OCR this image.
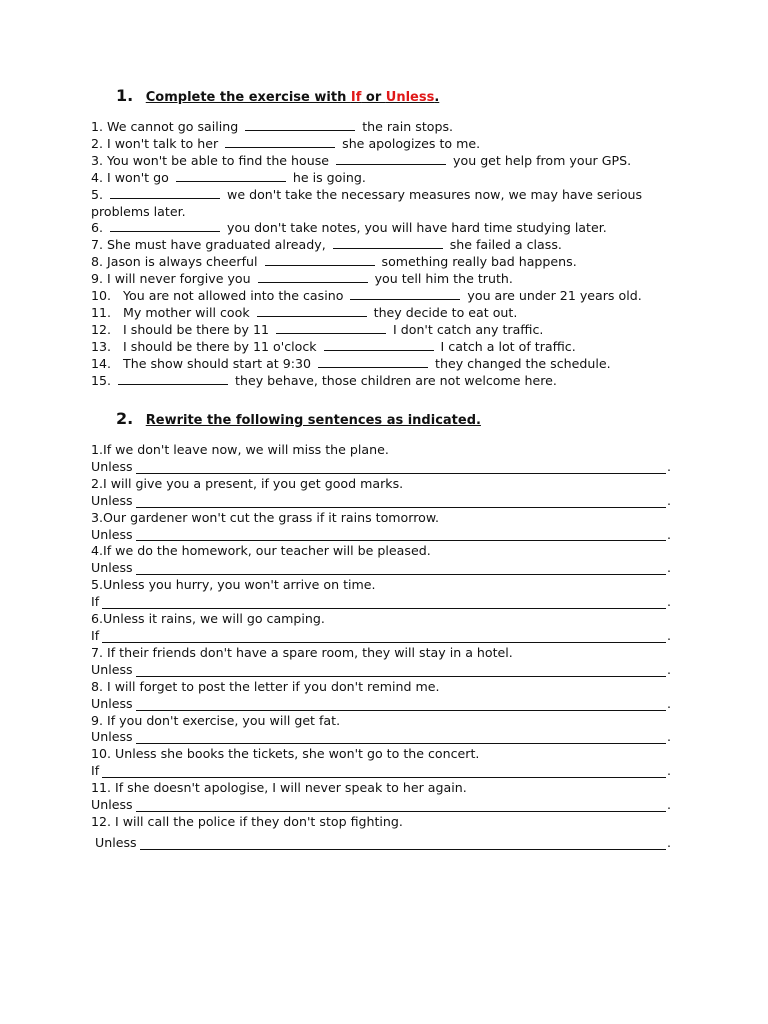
1. Complete the exercise with If or Unless.
1. We cannot go sailing	the rain stops.
2. I won't talk to her	she apologizes to me.
3. You won't be able to find the house	you get help from your GPS.
4. I won't go	he is going.
5.	we don't take the necessary measures now, we may have serious problems later.
6.	you don't take notes, you will have hard time studying later.
7. She must have graduated already,	she failed a class.
8. Jason is always cheerful	something really bad happens.
9. I will never forgive you	you tell him the truth.
10.   You are not allowed into the casino	you are under 21 years old.
11.   My mother will cook	they decide to eat out.
12.   I should be there by 11	I don't catch any traffic.
13.   I should be there by 11 o'clock	I catch a lot of traffic.
14.   The show should start at 9:30	they changed the schedule.
15.	they behave, those children are not welcome here.
2. Rewrite the following sentences as indicated.
1.If we don't leave now, we will miss the plane.
Unless	.
2.I will give you a present, if you get good marks.
Unless	.
3.Our gardener won't cut the grass if it rains tomorrow.
Unless	.
4.If we do the homework, our teacher will be pleased.
Unless	.
5.Unless you hurry, you won't arrive on time.
If	.
6.Unless it rains, we will go camping.
If	.
7. If their friends don't have a spare room, they will stay in a hotel.
Unless	.
8. I will forget to post the letter if you don't remind me.
Unless	.
9. If you don't exercise, you will get fat.
Unless	.
10. Unless she books the tickets, she won't go to the concert.
If	.
11. If she doesn't apologise, I will never speak to her again.
Unless	.
12. I will call the police if they don't stop fighting.
Unless	.
